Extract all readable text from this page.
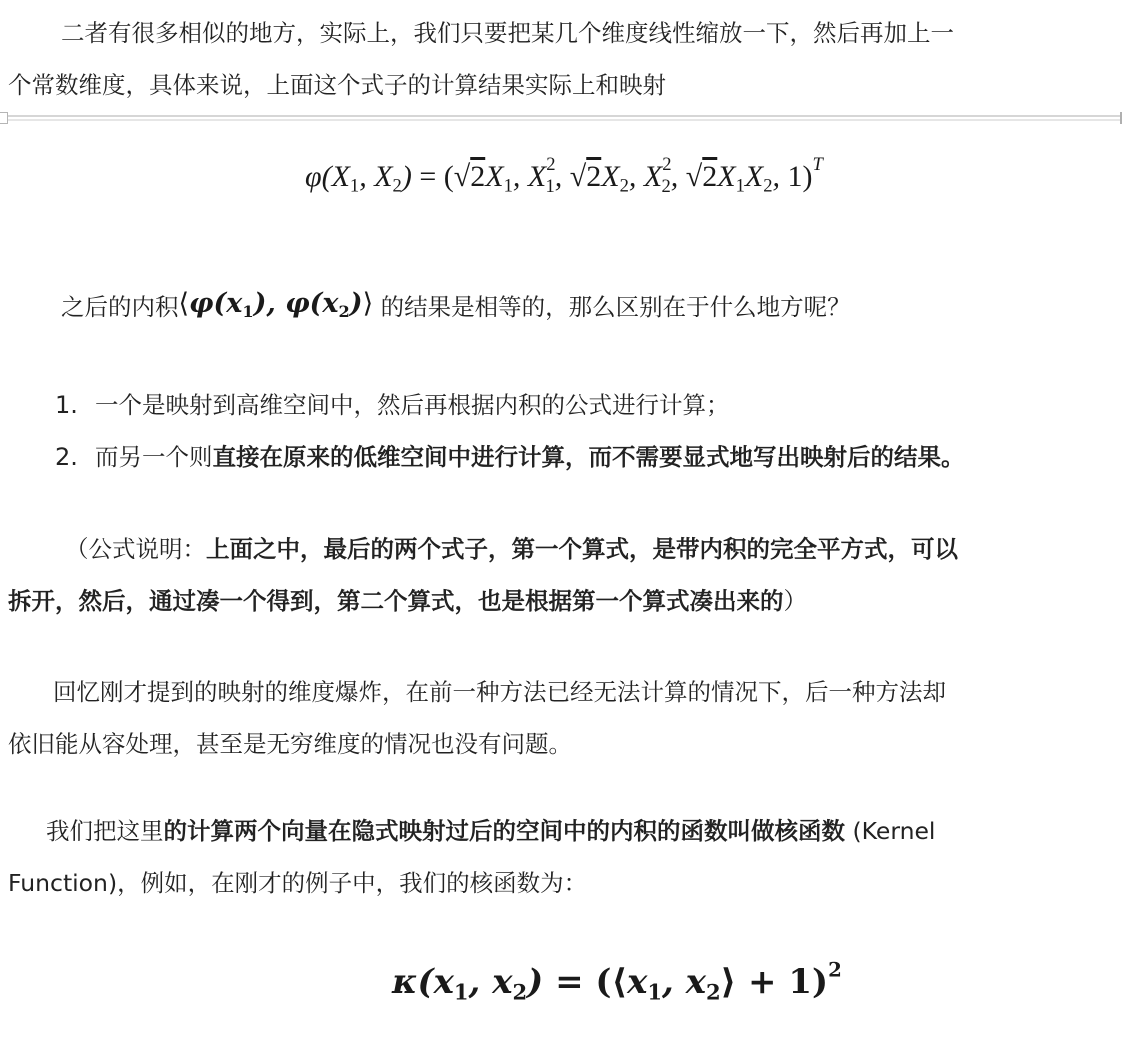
二者有很多相似的地方，实际上，我们只要把某几个维度线性缩放一下，然后再加上一
个常数维度，具体来说，上面这个式子的计算结果实际上和映射
$\varphi(X_1$, $X_2) = (√2X_1$, $X^2_1$, $√2X_2$, $X^2_2$, $√2X_1X_2$, 1)$^T$
之后的内积$⟨\varphi(x_1)$, $\varphi(x_2)⟩$ 的结果是相等的，那么区别在于什么地方呢？
1. 一个是映射到高维空间中，然后再根据内积的公式进行计算；
2. 而另一个则直接在原来的低维空间中进行计算，而不需要显式地写出映射后的结果。
（公式说明：上面之中，最后的两个式子，第一个算式，是带内积的完全平方式，可以
拆开，然后，通过凑一个得到，第二个算式，也是根据第一个算式凑出来的）
回忆刚才提到的映射的维度爆炸，在前一种方法已经无法计算的情况下，后一种方法却
依旧能从容处理，甚至是无穷维度的情况也没有问题。
我们把这里的计算两个向量在隐式映射过后的空间中的内积的函数叫做核函数 (Kernel
Function)，例如，在刚才的例子中，我们的核函数为：
$\kappa(x_1$, $x_2$) = ($⟨x_1$, $x_2⟩ + 1)^2$
